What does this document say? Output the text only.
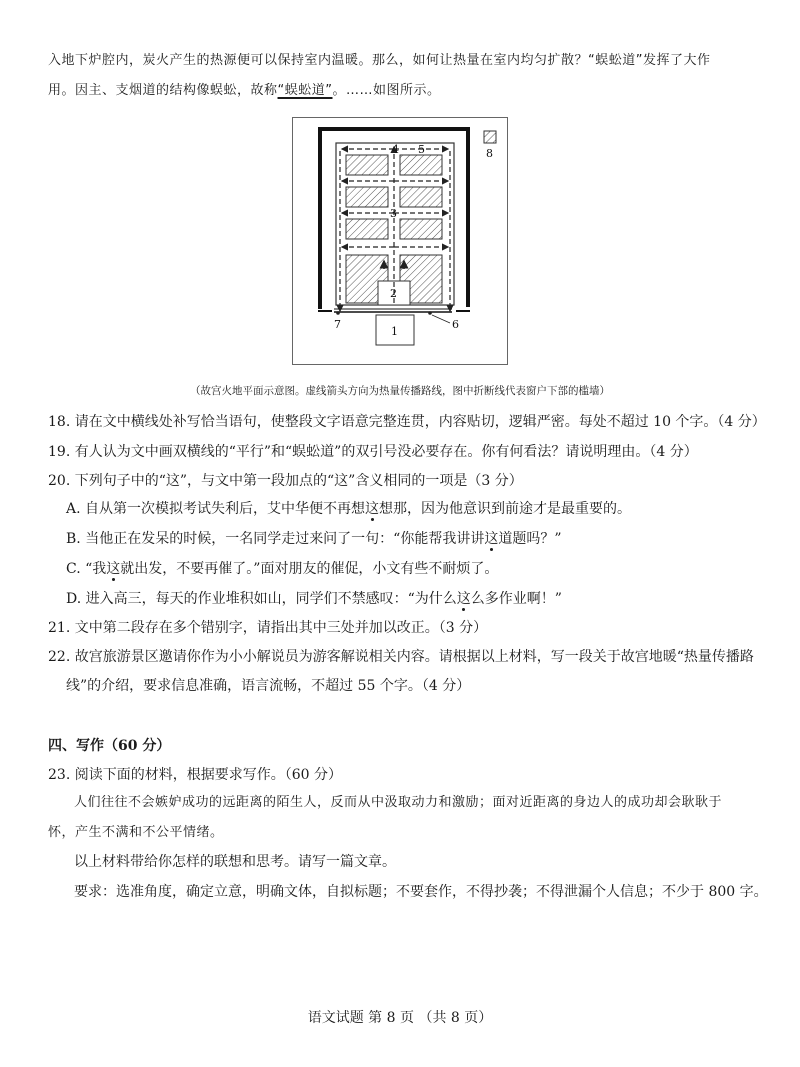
入地下炉腔内，炭火产生的热源便可以保持室内温暖。那么，如何让热量在室内均匀扩散？“蜈蚣道”发挥了大作
用。因主、支烟道的结构像蜈蚣，故称“蜈蚣道”。……如图所示。
4 5
3
2
1
6
7
8
（故宫火地平面示意图。虚线箭头方向为热量传播路线，图中折断线代表窗户下部的槛墙）
18. 请在文中横线处补写恰当语句，使整段文字语意完整连贯，内容贴切，逻辑严密。每处不超过 10 个字。（4 分）
19. 有人认为文中画双横线的“平行”和“蜈蚣道”的双引号没必要存在。你有何看法？请说明理由。（4 分）
20. 下列句子中的“这”，与文中第一段加点的“这”含义相同的一项是（3 分）
A. 自从第一次模拟考试失利后，艾中华便不再想这想那，因为他意识到前途才是最重要的。
B. 当他正在发呆的时候，一名同学走过来问了一句：“你能帮我讲讲这道题吗？”
C. “我这就出发，不要再催了。”面对朋友的催促，小文有些不耐烦了。
D. 进入高三，每天的作业堆积如山，同学们不禁感叹：“为什么这么多作业啊！”
21. 文中第二段存在多个错别字，请指出其中三处并加以改正。（3 分）
22. 故宫旅游景区邀请你作为小小解说员为游客解说相关内容。请根据以上材料，写一段关于故宫地暖“热量传播路
线”的介绍，要求信息准确，语言流畅，不超过 55 个字。（4 分）
四、写作（60 分）
23. 阅读下面的材料，根据要求写作。（60 分）
人们往往不会嫉妒成功的远距离的陌生人，反而从中汲取动力和激励；面对近距离的身边人的成功却会耿耿于
怀，产生不满和不公平情绪。
以上材料带给你怎样的联想和思考。请写一篇文章。
要求：选准角度，确定立意，明确文体，自拟标题；不要套作，不得抄袭；不得泄漏个人信息；不少于 800 字。
语文试题 第 8 页 （共 8 页）
